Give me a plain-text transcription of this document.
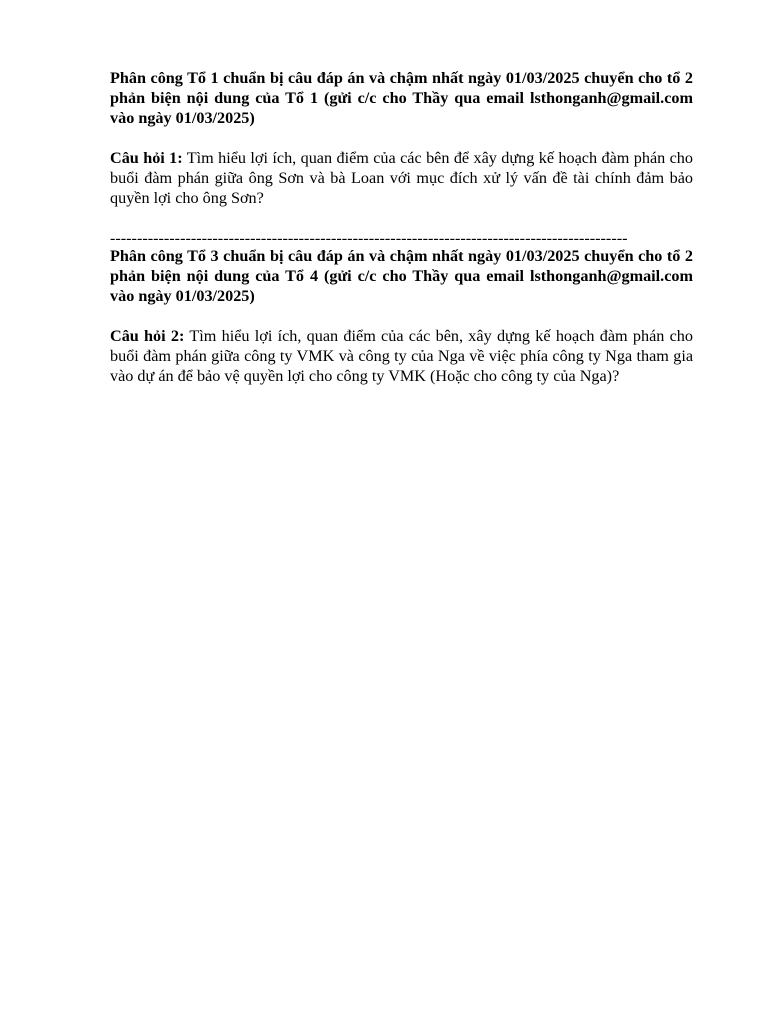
Phân công Tổ 1 chuẩn bị câu đáp án và chậm nhất ngày 01/03/2025 chuyển cho tổ 2 phản biện nội dung của Tổ 1 (gửi c/c cho Thầy qua email lsthonganh@gmail.com vào ngày 01/03/2025)

Câu hỏi 1: Tìm hiểu lợi ích, quan điểm của các bên để xây dựng kế hoạch đàm phán cho buổi đàm phán giữa ông Sơn và bà Loan với mục đích xử lý vấn đề tài chính đảm bảo quyền lợi cho ông Sơn?

------------------------------------------------------------------------------------------------

Phân công Tổ 3 chuẩn bị câu đáp án và chậm nhất ngày 01/03/2025 chuyển cho tổ 2 phản biện nội dung của Tổ 4 (gửi c/c cho Thầy qua email lsthonganh@gmail.com vào ngày 01/03/2025)

Câu hỏi 2: Tìm hiểu lợi ích, quan điểm của các bên, xây dựng kế hoạch đàm phán cho buổi đàm phán giữa công ty VMK và công ty của Nga về việc phía công ty Nga tham gia vào dự án để bảo vệ quyền lợi cho công ty VMK (Hoặc cho công ty của Nga)?
